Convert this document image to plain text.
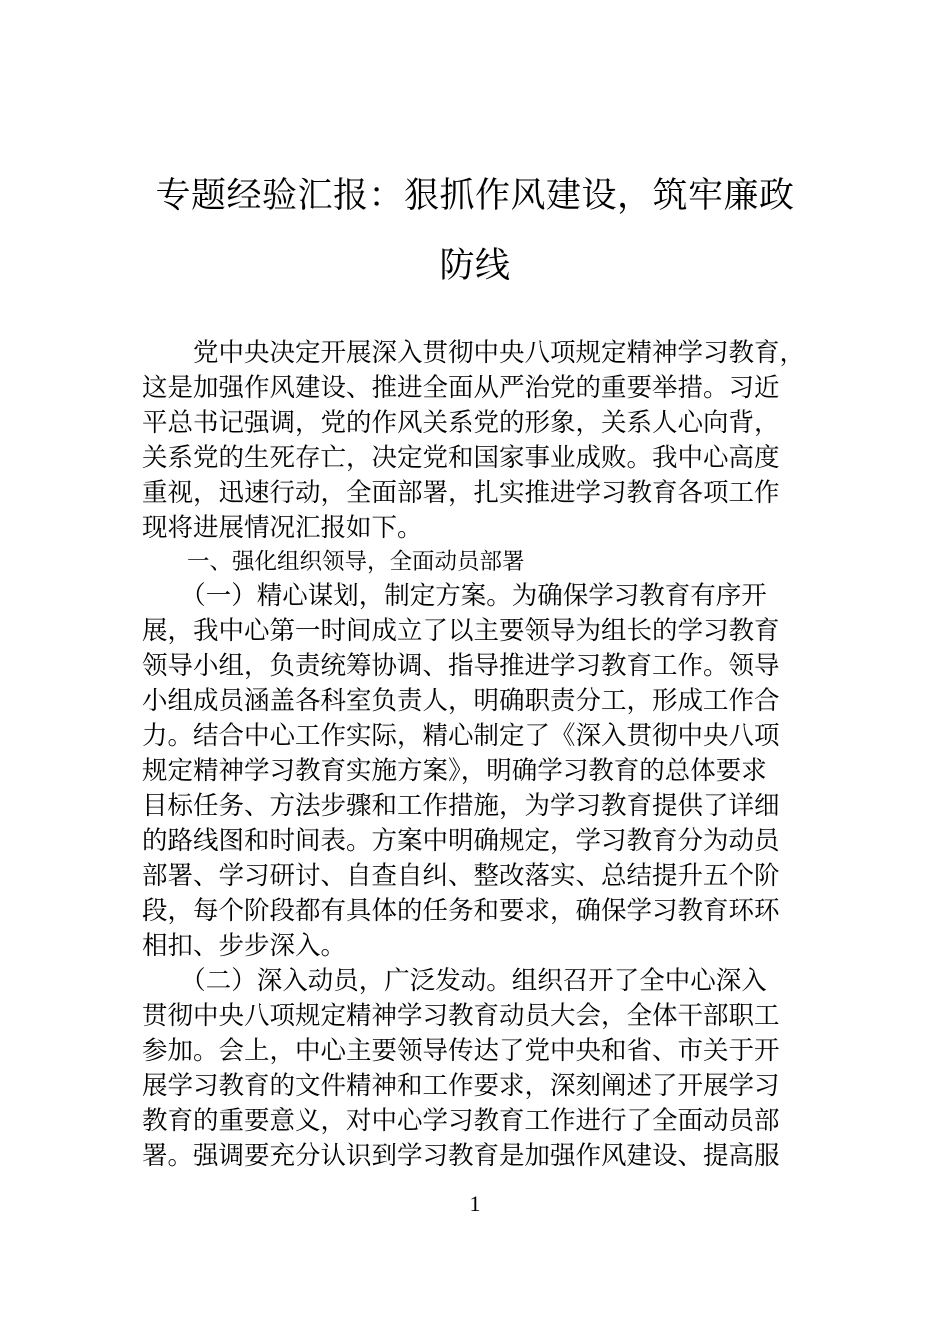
专题经验汇报：狠抓作风建设，筑牢廉政
防线
　　党中央决定开展深入贯彻中央八项规定精神学习教育，
这是加强作风建设、推进全面从严治党的重要举措。习近
平总书记强调，党的作风关系党的形象，关系人心向背，
关系党的生死存亡，决定党和国家事业成败。我中心高度
重视，迅速行动，全面部署，扎实推进学习教育各项工作
现将进展情况汇报如下。
　　一、强化组织领导，全面动员部署
　　（一）精心谋划，制定方案。为确保学习教育有序开
展，我中心第一时间成立了以主要领导为组长的学习教育
领导小组，负责统筹协调、指导推进学习教育工作。领导
小组成员涵盖各科室负责人，明确职责分工，形成工作合
力。结合中心工作实际，精心制定了《深入贯彻中央八项
规定精神学习教育实施方案》，明确学习教育的总体要求
目标任务、方法步骤和工作措施，为学习教育提供了详细
的路线图和时间表。方案中明确规定，学习教育分为动员
部署、学习研讨、自查自纠、整改落实、总结提升五个阶
段，每个阶段都有具体的任务和要求，确保学习教育环环
相扣、步步深入。
　　（二）深入动员，广泛发动。组织召开了全中心深入
贯彻中央八项规定精神学习教育动员大会，全体干部职工
参加。会上，中心主要领导传达了党中央和省、市关于开
展学习教育的文件精神和工作要求，深刻阐述了开展学习
教育的重要意义，对中心学习教育工作进行了全面动员部
署。强调要充分认识到学习教育是加强作风建设、提高服
1
